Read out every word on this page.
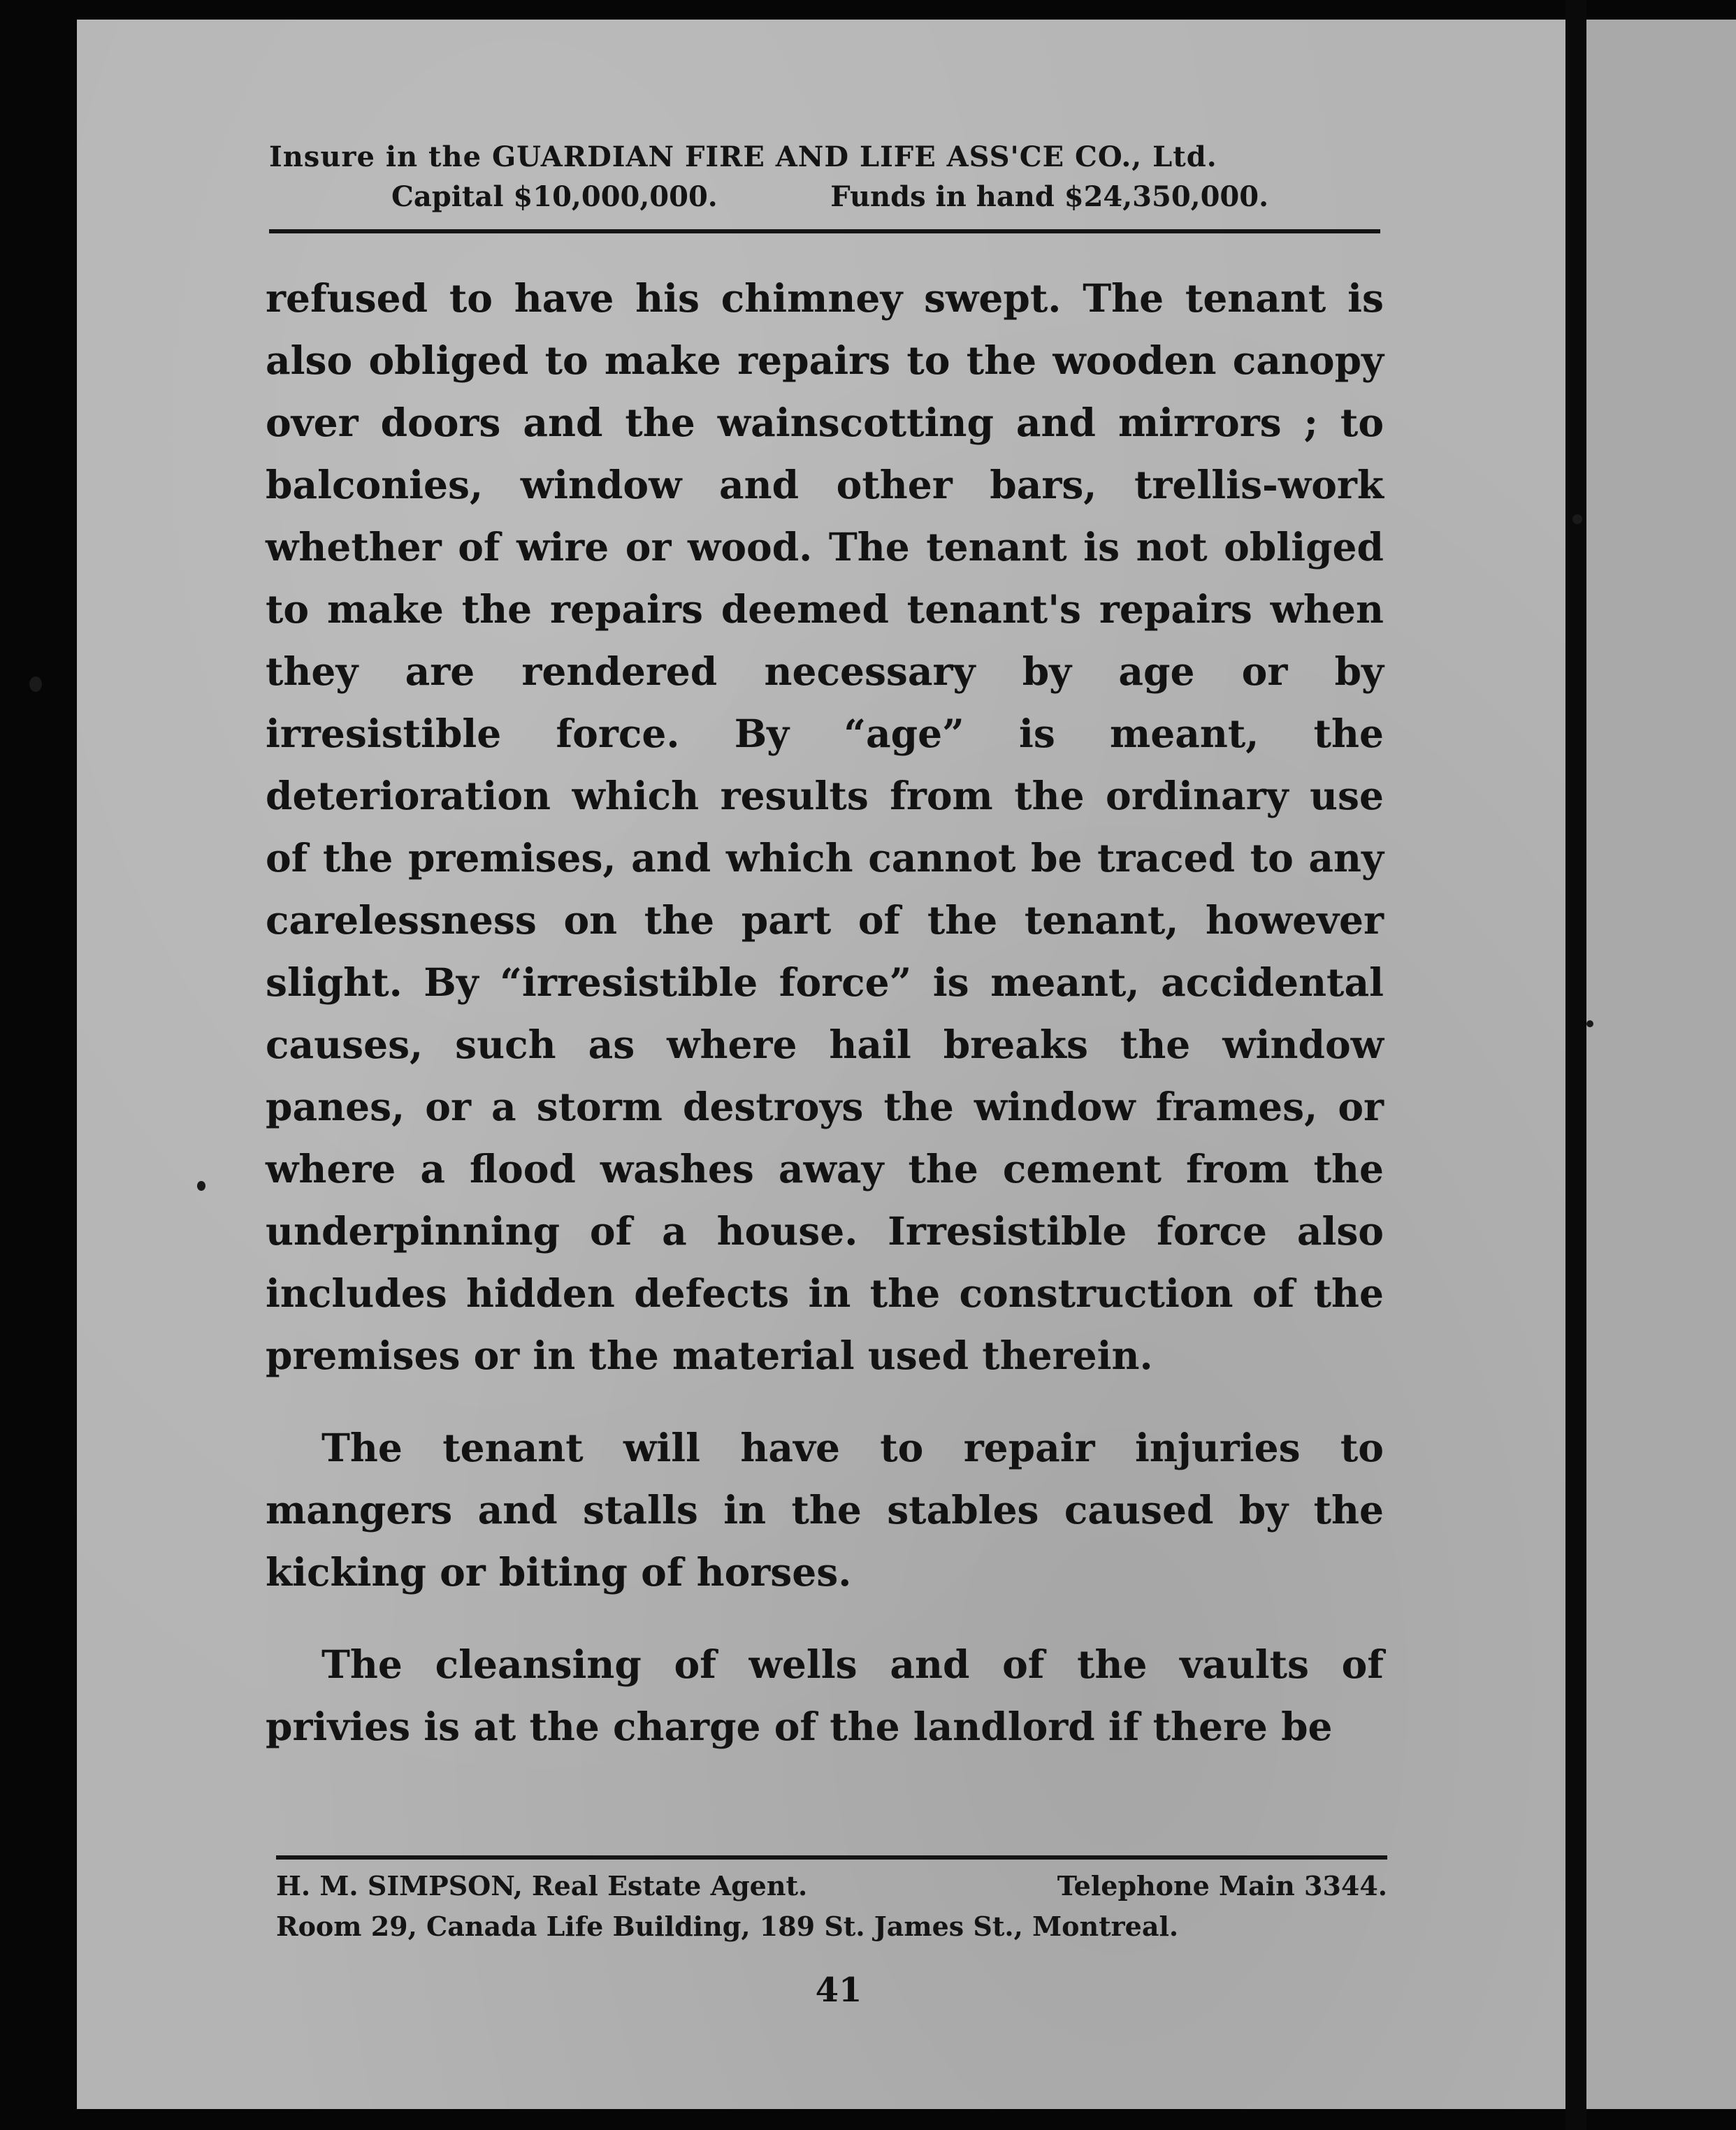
Insure in the GUARDIAN FIRE AND LIFE ASS'CE CO., Ltd.
Capital $10,000,000.	Funds in hand $24,350,000.

refused to have his chimney swept. The tenant is also obliged to make repairs to the wooden canopy over doors and the wainscotting and mirrors ; to balconies, window and other bars, trellis-work whether of wire or wood. The tenant is not obliged to make the repairs deemed tenant's repairs when they are rendered necessary by age or by irresistible force. By “age” is meant, the deterioration which results from the ordinary use of the premises, and which cannot be traced to any carelessness on the part of the tenant, however slight. By “irresistible force” is meant, accidental causes, such as where hail breaks the window panes, or a storm destroys the window frames, or where a flood washes away the cement from the underpinning of a house. Irresistible force also includes hidden defects in the construction of the premises or in the material used therein.

The tenant will have to repair injuries to mangers and stalls in the stables caused by the kicking or biting of horses.

The cleansing of wells and of the vaults of privies is at the charge of the landlord if there be

H. M. SIMPSON, Real Estate Agent.	Telephone Main 3344.
Room 29, Canada Life Building, 189 St. James St., Montreal.
41
